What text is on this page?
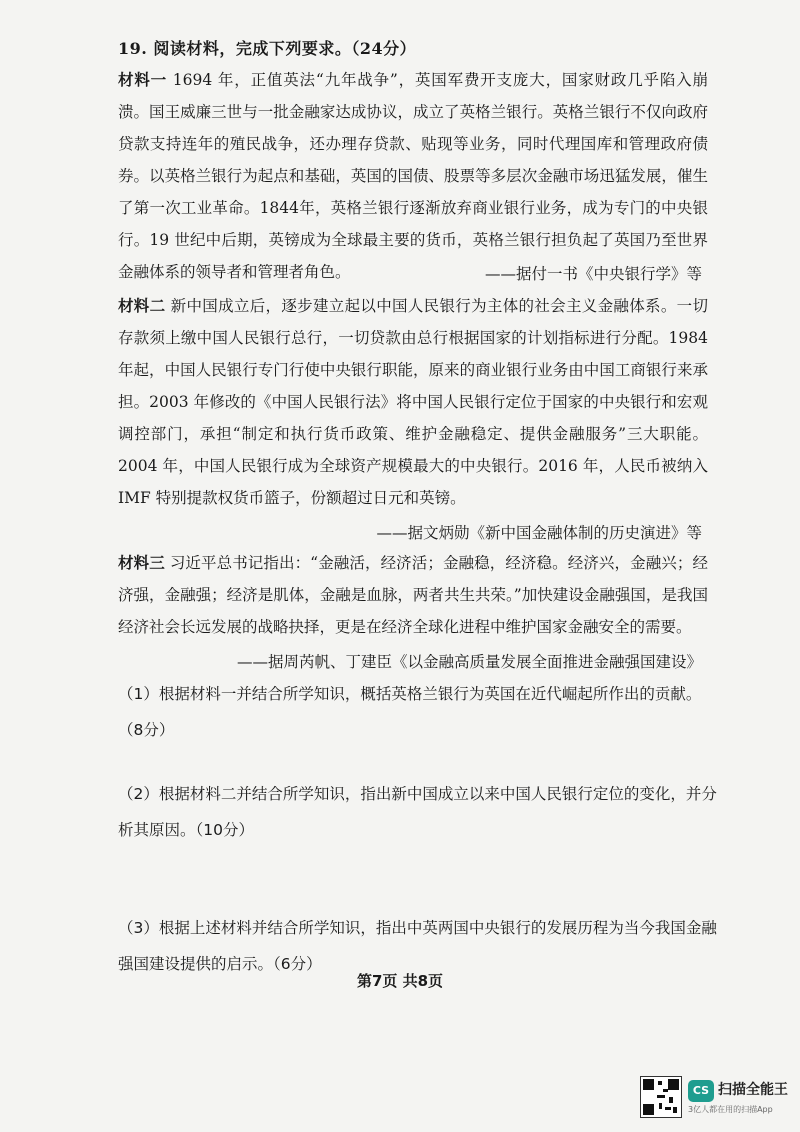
19. 阅读材料，完成下列要求。（24分）
材料一 1694 年，正值英法“九年战争”，英国军费开支庞大，国家财政几乎陷入崩溃。国王威廉三世与一批金融家达成协议，成立了英格兰银行。英格兰银行不仅向政府贷款支持连年的殖民战争，还办理存贷款、贴现等业务，同时代理国库和管理政府债券。以英格兰银行为起点和基础，英国的国债、股票等多层次金融市场迅猛发展，催生了第一次工业革命。1844年，英格兰银行逐渐放弃商业银行业务，成为专门的中央银行。19 世纪中后期，英镑成为全球最主要的货币，英格兰银行担负起了英国乃至世界金融体系的领导者和管理者角色。	——据付一书《中央银行学》等
材料二 新中国成立后，逐步建立起以中国人民银行为主体的社会主义金融体系。一切存款须上缴中国人民银行总行，一切贷款由总行根据国家的计划指标进行分配。1984 年起，中国人民银行专门行使中央银行职能，原来的商业银行业务由中国工商银行来承担。2003 年修改的《中国人民银行法》将中国人民银行定位于国家的中央银行和宏观调控部门，承担“制定和执行货币政策、维护金融稳定、提供金融服务”三大职能。2004 年，中国人民银行成为全球资产规模最大的中央银行。2016 年，人民币被纳入 IMF 特别提款权货币篮子，份额超过日元和英镑。
——据文炳勋《新中国金融体制的历史演进》等
材料三 习近平总书记指出：“金融活，经济活；金融稳，经济稳。经济兴，金融兴；经济强，金融强；经济是肌体，金融是血脉，两者共生共荣。”加快建设金融强国，是我国经济社会长远发展的战略抉择，更是在经济全球化进程中维护国家金融安全的需要。
——据周芮帆、丁建臣《以金融高质量发展全面推进金融强国建设》
（1）根据材料一并结合所学知识，概括英格兰银行为英国在近代崛起所作出的贡献。（8分）
（2）根据材料二并结合所学知识，指出新中国成立以来中国人民银行定位的变化，并分析其原因。（10分）
（3）根据上述材料并结合所学知识，指出中英两国中央银行的发展历程为当今我国金融强国建设提供的启示。（6分）
第7页 共8页
CS 扫描全能王
3亿人都在用的扫描App
